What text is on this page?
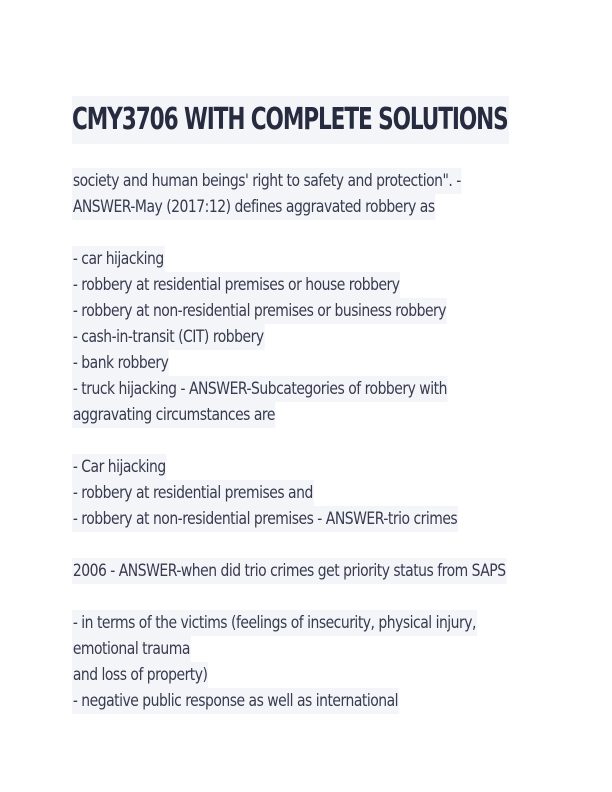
CMY3706 WITH COMPLETE SOLUTIONS
society and human beings' right to safety and protection". -
ANSWER-May (2017:12) defines aggravated robbery as
- car hijacking
- robbery at residential premises or house robbery
- robbery at non-residential premises or business robbery
- cash-in-transit (CIT) robbery
- bank robbery
- truck hijacking - ANSWER-Subcategories of robbery with
aggravating circumstances are
- Car hijacking
- robbery at residential premises and
- robbery at non-residential premises - ANSWER-trio crimes
2006 - ANSWER-when did trio crimes get priority status from SAPS
- in terms of the victims (feelings of insecurity, physical injury,
emotional trauma
and loss of property)
- negative public response as well as international
